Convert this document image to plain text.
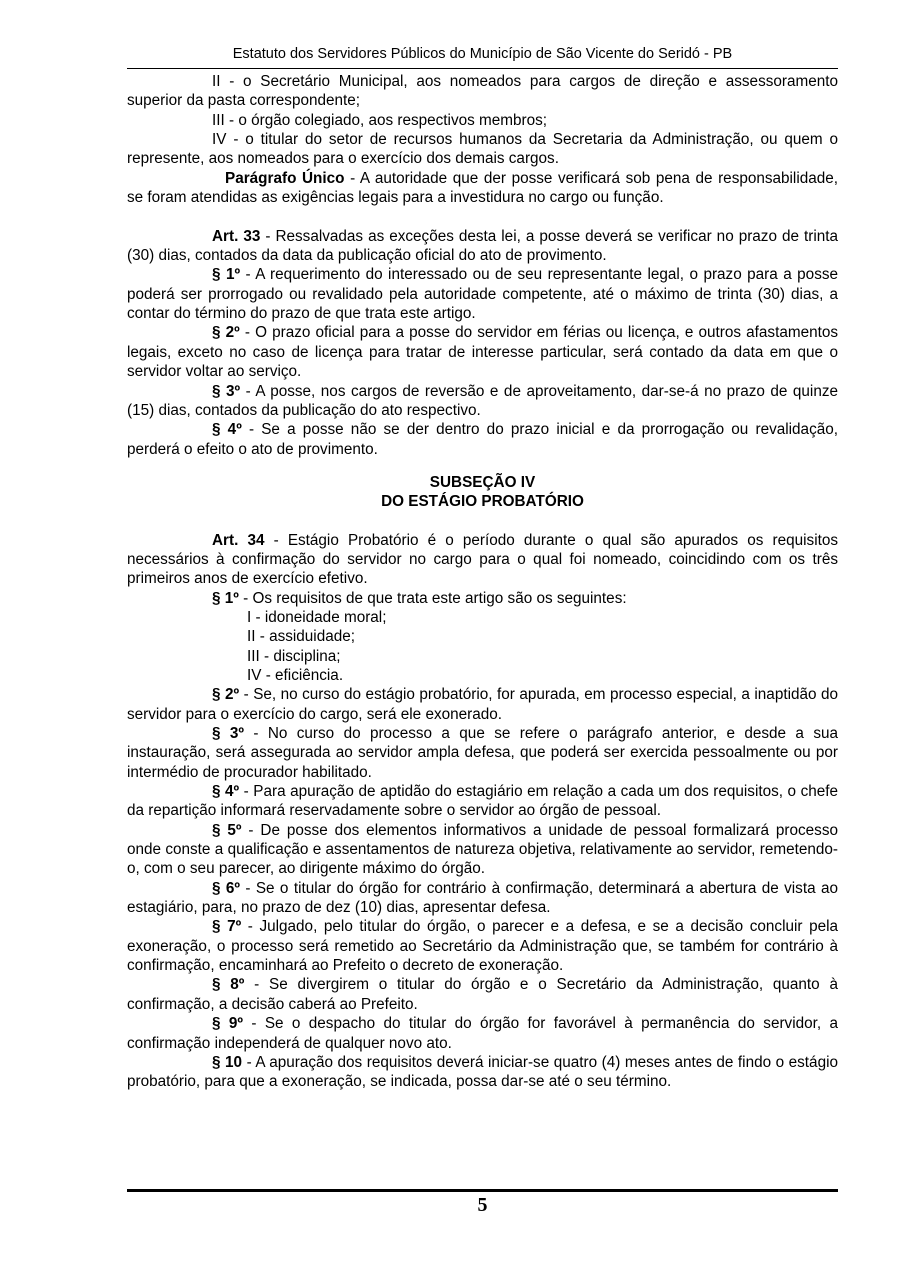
Estatuto dos Servidores Públicos do Município de São Vicente do Seridó - PB

II - o Secretário Municipal, aos nomeados para cargos de direção e assessoramento superior da pasta correspondente;

III - o órgão colegiado, aos respectivos membros;

IV - o titular do setor de recursos humanos da Secretaria da Administração, ou quem o represente, aos nomeados para o exercício dos demais cargos.

Parágrafo Único - A autoridade que der posse verificará sob pena de responsabilidade, se foram atendidas as exigências legais para a investidura no cargo ou função.

Art. 33 - Ressalvadas as exceções desta lei, a posse deverá se verificar no prazo de trinta (30) dias, contados da data da publicação oficial do ato de provimento.

§ 1º - A requerimento do interessado ou de seu representante legal, o prazo para a posse poderá ser prorrogado ou revalidado pela autoridade competente, até o máximo de trinta (30) dias, a contar do término do prazo de que trata este artigo.

§ 2º - O prazo oficial para a posse do servidor em férias ou licença, e outros afastamentos legais, exceto no caso de licença para tratar de interesse particular, será contado da data em que o servidor voltar ao serviço.

§ 3º - A posse, nos cargos de reversão e de aproveitamento, dar-se-á no prazo de quinze (15) dias, contados da publicação do ato respectivo.

§ 4º - Se a posse não se der dentro do prazo inicial e da prorrogação ou revalidação, perderá o efeito o ato de provimento.

SUBSEÇÃO IV
DO ESTÁGIO PROBATÓRIO

Art. 34 - Estágio Probatório é o período durante o qual são apurados os requisitos necessários à confirmação do servidor no cargo para o qual foi nomeado, coincidindo com os três primeiros anos de exercício efetivo.

§ 1º - Os requisitos de que trata este artigo são os seguintes:

I - idoneidade moral;

II - assiduidade;

III - disciplina;

IV - eficiência.

§ 2º - Se, no curso do estágio probatório, for apurada, em processo especial, a inaptidão do servidor para o exercício do cargo, será ele exonerado.

§ 3º - No curso do processo a que se refere o parágrafo anterior, e desde a sua instauração, será assegurada ao servidor ampla defesa, que poderá ser exercida pessoalmente ou por intermédio de procurador habilitado.

§ 4º - Para apuração de aptidão do estagiário em relação a cada um dos requisitos, o chefe da repartição informará reservadamente sobre o servidor ao órgão de pessoal.

§ 5º - De posse dos elementos informativos a unidade de pessoal formalizará processo onde conste a qualificação e assentamentos de natureza objetiva, relativamente ao servidor, remetendo-o, com o seu parecer, ao dirigente máximo do órgão.

§ 6º - Se o titular do órgão for contrário à confirmação, determinará a abertura de vista ao estagiário, para, no prazo de dez (10) dias, apresentar defesa.

§ 7º - Julgado, pelo titular do órgão, o parecer e a defesa, e se a decisão concluir pela exoneração, o processo será remetido ao Secretário da Administração que, se também for contrário à confirmação, encaminhará ao Prefeito o decreto de exoneração.

§ 8º - Se divergirem o titular do órgão e o Secretário da Administração, quanto à confirmação, a decisão caberá ao Prefeito.

§ 9º - Se o despacho do titular do órgão for favorável à permanência do servidor, a confirmação independerá de qualquer novo ato.

§ 10 - A apuração dos requisitos deverá iniciar-se quatro (4) meses antes de findo o estágio probatório, para que a exoneração, se indicada, possa dar-se até o seu término.

5
